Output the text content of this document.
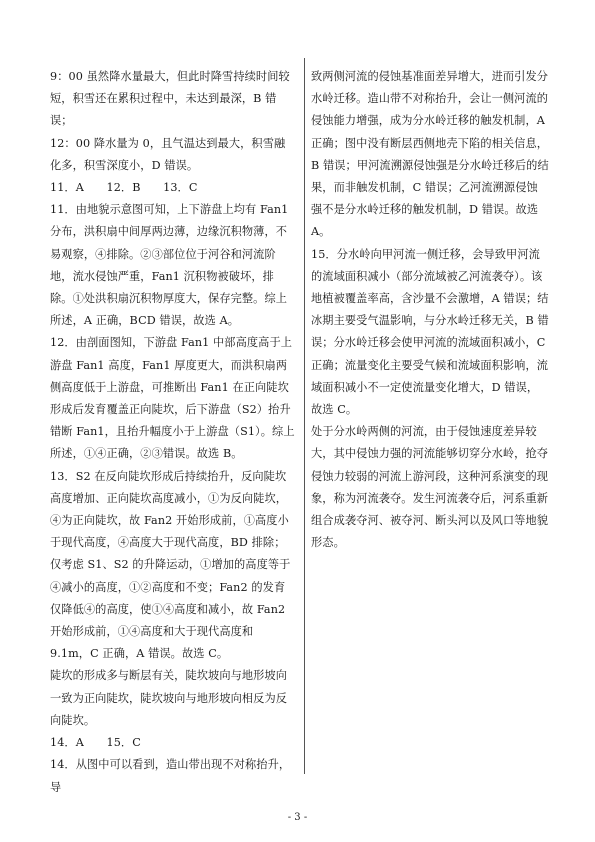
9：00 虽然降水量最大，但此时降雪持续时间较短，积雪还在累积过程中，未达到最深，B 错误；

12：00 降水量为 0，且气温达到最大，积雪融化多，积雪深度小，D 错误。

11．A　　12．B　　13．C

11．由地貌示意图可知，上下游盘上均有 Fan1 分布，洪积扇中间厚两边薄，边缘沉积物薄，不易观察，④排除。②③部位位于河谷和河流阶地，流水侵蚀严重，Fan1 沉积物被破坏，排除。①处洪积扇沉积物厚度大，保存完整。综上所述，A 正确，BCD 错误，故选 A。

12．由剖面图知，下游盘 Fan1 中部高度高于上游盘 Fan1 高度，Fan1 厚度更大，而洪积扇两侧高度低于上游盘，可推断出 Fan1 在正向陡坎形成后发育覆盖正向陡坎，后下游盘（S2）抬升错断 Fan1，且抬升幅度小于上游盘（S1）。综上所述，①④正确，②③错误。故选 B。

13．S2 在反向陡坎形成后持续抬升，反向陡坎高度增加、正向陡坎高度减小，①为反向陡坎，④为正向陡坎，故 Fan2 开始形成前，①高度小于现代高度，④高度大于现代高度，BD 排除；仅考虑 S1、S2 的升降运动，①增加的高度等于④减小的高度，①②高度和不变；Fan2 的发育仅降低④的高度，使①④高度和减小，故 Fan2 开始形成前，①④高度和大于现代高度和 9.1m，C 正确，A 错误。故选 C。

陡坎的形成多与断层有关，陡坎坡向与地形坡向一致为正向陡坎，陡坎坡向与地形坡向相反为反向陡坎。

14．A　　15．C

14．从图中可以看到，造山带出现不对称抬升，导

致两侧河流的侵蚀基准面差异增大，进而引发分水岭迁移。造山带不对称抬升，会让一侧河流的侵蚀能力增强，成为分水岭迁移的触发机制，A 正确；图中没有断层西侧地壳下陷的相关信息，B 错误；甲河流溯源侵蚀强是分水岭迁移后的结果，而非触发机制，C 错误；乙河流溯源侵蚀强不是分水岭迁移的触发机制，D 错误。故选 A。

15．分水岭向甲河流一侧迁移，会导致甲河流的流域面积减小（部分流域被乙河流袭夺）。该地植被覆盖率高，含沙量不会激增，A 错误；结冰期主要受气温影响，与分水岭迁移无关，B 错误；分水岭迁移会使甲河流的流域面积减小，C 正确；流量变化主要受气候和流域面积影响，流域面积减小不一定使流量变化增大，D 错误，故选 C。

处于分水岭两侧的河流，由于侵蚀速度差异较大，其中侵蚀力强的河流能够切穿分水岭，抢夺侵蚀力较弱的河流上游河段，这种河系演变的现象，称为河流袭夺。发生河流袭夺后，河系重新组合成袭夺河、被夺河、断头河以及风口等地貌形态。

- 3 -
